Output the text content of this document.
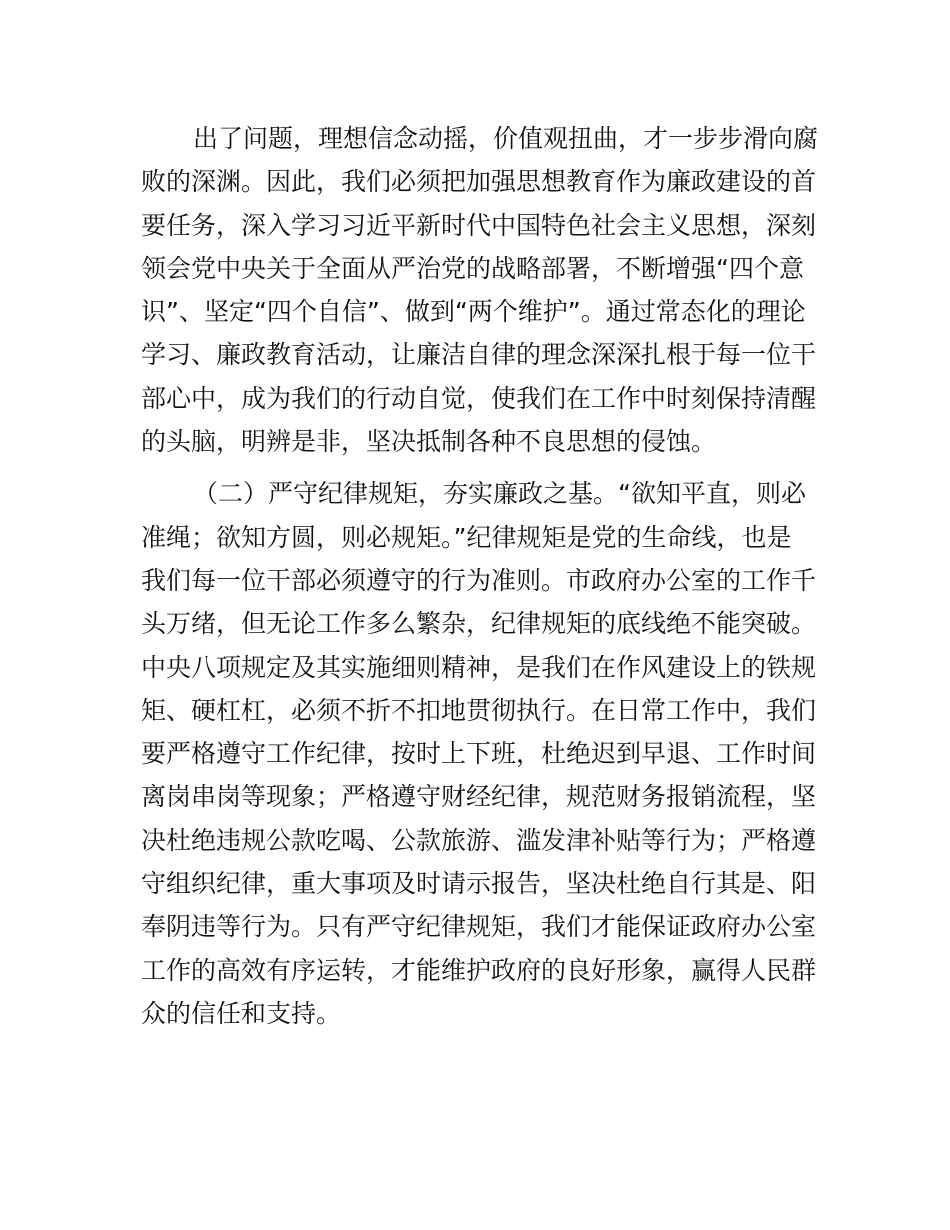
出了问题，理想信念动摇，价值观扭曲，才一步步滑向腐
败的深渊。因此，我们必须把加强思想教育作为廉政建设的首
要任务，深入学习习近平新时代中国特色社会主义思想，深刻
领会党中央关于全面从严治党的战略部署，不断增强“四个意
识”、坚定“四个自信”、做到“两个维护”。通过常态化的理论
学习、廉政教育活动，让廉洁自律的理念深深扎根于每一位干
部心中，成为我们的行动自觉，使我们在工作中时刻保持清醒
的头脑，明辨是非，坚决抵制各种不良思想的侵蚀。
（二）严守纪律规矩，夯实廉政之基。“欲知平直，则必
准绳；欲知方圆，则必规矩。”纪律规矩是党的生命线，也是
我们每一位干部必须遵守的行为准则。市政府办公室的工作千
头万绪，但无论工作多么繁杂，纪律规矩的底线绝不能突破。
中央八项规定及其实施细则精神，是我们在作风建设上的铁规
矩、硬杠杠，必须不折不扣地贯彻执行。在日常工作中，我们
要严格遵守工作纪律，按时上下班，杜绝迟到早退、工作时间
离岗串岗等现象；严格遵守财经纪律，规范财务报销流程，坚
决杜绝违规公款吃喝、公款旅游、滥发津补贴等行为；严格遵
守组织纪律，重大事项及时请示报告，坚决杜绝自行其是、阳
奉阴违等行为。只有严守纪律规矩，我们才能保证政府办公室
工作的高效有序运转，才能维护政府的良好形象，赢得人民群
众的信任和支持。
